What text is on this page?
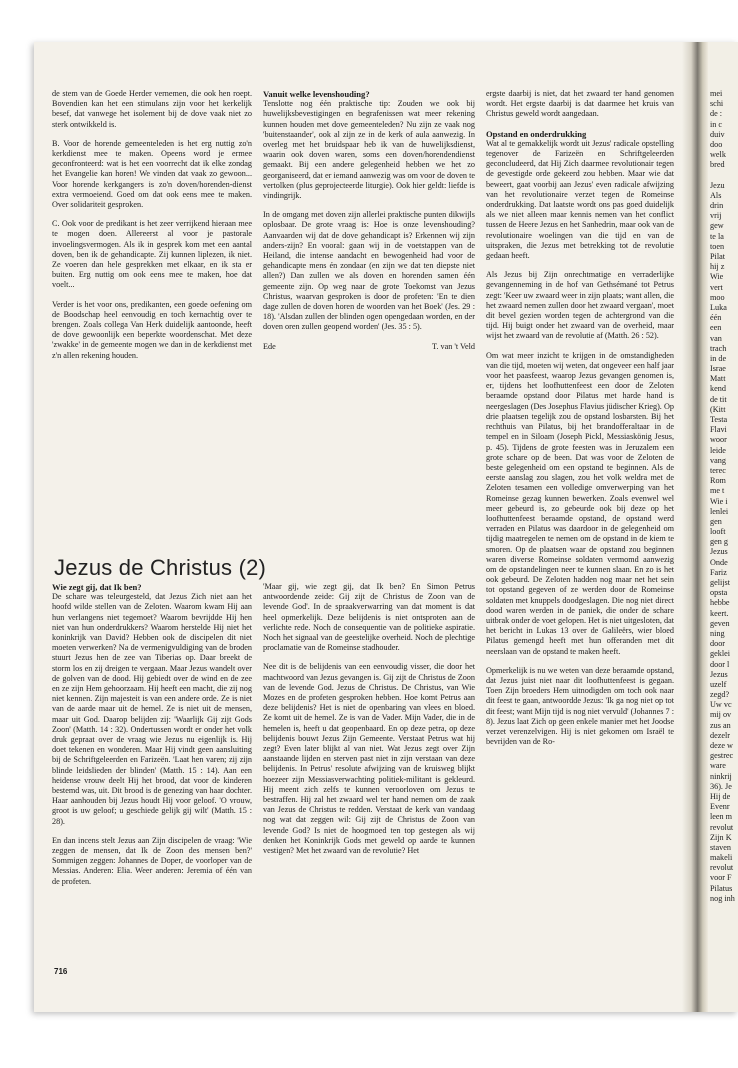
de stem van de Goede Herder vernemen, die ook hen roept. Bovendien kan het een stimulans zijn voor het kerkelijk besef, dat vanwege het isolement bij de dove vaak niet zo sterk ontwikkeld is.

B. Voor de horende gemeenteleden is het erg nuttig zo'n kerkdienst mee te maken. Opeens word je ermee geconfronteerd: wat is het een voorrecht dat ik elke zondag het Evangelie kan horen! We vinden dat vaak zo gewoon... Voor horende kerkgangers is zo'n doven/horenden-dienst extra vermoeiend. Goed om dat ook eens mee te maken. Over solidariteit gesproken.

C. Ook voor de predikant is het zeer verrijkend hieraan mee te mogen doen. Allereerst al voor je pastorale invoelingsvermogen. Als ik in gesprek kom met een aantal doven, ben ik de gehandicapte. Zij kunnen liplezen, ik niet. Ze voeren dan hele gesprekken met elkaar, en ik sta er buiten. Erg nuttig om ook eens mee te maken, hoe dat voelt...

Verder is het voor ons, predikanten, een goede oefening om de Boodschap heel eenvoudig en toch kernachtig over te brengen. Zoals collega Van Herk duidelijk aantoonde, heeft de dove gewoonlijk een beperkte woordenschat. Met deze 'zwakke' in de gemeente mogen we dan in de kerkdienst met z'n allen rekening houden.

Vanuit welke levenshouding?

Tenslotte nog één praktische tip: Zouden we ook bij huwelijksbevestigingen en begrafenissen wat meer rekening kunnen houden met dove gemeenteleden? Nu zijn ze vaak nog 'buitenstaander', ook al zijn ze in de kerk of aula aanwezig. In overleg met het bruidspaar heb ik van de huwelijksdienst, waarin ook doven waren, soms een doven/horendendienst gemaakt. Bij een andere gelegenheid hebben we het zo georganiseerd, dat er iemand aanwezig was om voor de doven te vertolken (plus geprojecteerde liturgie). Ook hier geldt: liefde is vindingrijk.

In de omgang met doven zijn allerlei praktische punten dikwijls oplosbaar. De grote vraag is: Hoe is onze levenshouding? Aanvaarden wij dat de dove gehandicapt is? Erkennen wij zijn anders-zijn? En vooral: gaan wij in de voetstappen van de Heiland, die intense aandacht en bewogenheid had voor de gehandicapte mens én zondaar (en zijn we dat ten diepste niet allen?) Dan zullen we als doven en horenden samen één gemeente zijn. Op weg naar de grote Toekomst van Jezus Christus, waarvan gesproken is door de profeten: 'En te dien dage zullen de doven horen de woorden van het Boek' (Jes. 29 : 18). 'Alsdan zullen der blinden ogen opengedaan worden, en der doven oren zullen geopend worden' (Jes. 35 : 5).

Ede	T. van 't Veld
Jezus de Christus (2)
Wie zegt gij, dat Ik ben?

De schare was teleurgesteld, dat Jezus Zich niet aan het hoofd wilde stellen van de Zeloten. Waarom kwam Hij aan hun verlangens niet tegemoet? Waarom bevrijdde Hij hen niet van hun onderdrukkers? Waarom herstelde Hij niet het koninkrijk van David? Hebben ook de discipelen dit niet moeten verwerken? Na de vermenigvuldiging van de broden stuurt Jezus hen de zee van Tiberias op. Daar breekt de storm los en zij dreigen te vergaan. Maar Jezus wandelt over de golven van de dood. Hij gebiedt over de wind en de zee en ze zijn Hem gehoorzaam. Hij heeft een macht, die zij nog niet kennen. Zijn majesteit is van een andere orde. Ze is niet van de aarde maar uit de hemel. Ze is niet uit de mensen, maar uit God. Daarop belijden zij: 'Waarlijk Gij zijt Gods Zoon' (Matth. 14 : 32). Ondertussen wordt er onder het volk druk gepraat over de vraag wie Jezus nu eigenlijk is. Hij doet tekenen en wonderen. Maar Hij vindt geen aansluiting bij de Schriftgeleerden en Farizeën. 'Laat hen varen; zij zijn blinde leidslieden der blinden' (Matth. 15 : 14). Aan een heidense vrouw deelt Hij het brood, dat voor de kinderen bestemd was, uit. Dit brood is de genezing van haar dochter. Haar aanhouden bij Jezus houdt Hij voor geloof. 'O vrouw, groot is uw geloof; u geschiede gelijk gij wilt' (Matth. 15 : 28).

En dan incens stelt Jezus aan Zijn discipelen de vraag: 'Wie zeggen de mensen, dat Ik de Zoon des mensen ben?' Sommigen zeggen: Johannes de Doper, de voorloper van de Messias. Anderen: Elia. Weer anderen: Jeremia of één van de profeten.

'Maar gij, wie zegt gij, dat Ik ben? En Simon Petrus antwoordende zeide: Gij zijt de Christus de Zoon van de levende God'. In de spraakverwarring van dat moment is dat heel opmerkelijk. Deze belijdenis is niet ontsproten aan de verlichte rede. Noch de consequentie van de politieke aspiratie. Noch het signaal van de geestelijke overheid. Noch de plechtige proclamatie van de Romeinse stadhouder.

Nee dit is de belijdenis van een eenvoudig visser, die door het machtwoord van Jezus gevangen is. Gij zijt de Christus de Zoon van de levende God. Jezus de Christus. De Christus, van Wie Mozes en de profeten gesproken hebben. Hoe komt Petrus aan deze belijdenis? Het is niet de openbaring van vlees en bloed. Ze komt uit de hemel. Ze is van de Vader. Mijn Vader, die in de hemelen is, heeft u dat geopenbaard. En op deze petra, op deze belijdenis bouwt Jezus Zijn Gemeente. Verstaat Petrus wat hij zegt? Even later blijkt al van niet. Wat Jezus zegt over Zijn aanstaande lijden en sterven past niet in zijn verstaan van deze belijdenis. In Petrus' resolute afwijzing van de kruisweg blijkt hoezeer zijn Messiasverwachting politiek-militant is gekleurd. Hij meent zich zelfs te kunnen veroorloven om Jezus te bestraffen. Hij zal het zwaard wel ter hand nemen om de zaak van Jezus de Christus te redden. Verstaat de kerk van vandaag nog wat dat zeggen wil: Gij zijt de Christus de Zoon van levende God? Is niet de hoogmoed ten top gestegen als wij denken het Koninkrijk Gods met geweld op aarde te kunnen vestigen? Met het zwaard van de revolutie? Het

ergste daarbij is niet, dat het zwaard ter hand genomen wordt. Het ergste daarbij is dat daarmee het kruis van Christus geweld wordt aangedaan.

Opstand en onderdrukking

Wat al te gemakkelijk wordt uit Jezus' radicale opstelling tegenover de Farizeën en Schriftgeleerden geconcludeerd, dat Hij Zich daarmee revolutionair tegen de gevestigde orde gekeerd zou hebben. Maar wie dat beweert, gaat voorbij aan Jezus' even radicale afwijzing van het revolutionaire verzet tegen de Romeinse onderdrukking. Dat laatste wordt ons pas goed duidelijk als we niet alleen maar kennis nemen van het conflict tussen de Heere Jezus en het Sanhedrin, maar ook van de revolutionaire woelingen van die tijd en van de uitspraken, die Jezus met betrekking tot de revolutie gedaan heeft.

Als Jezus bij Zijn onrechtmatige en verraderlijke gevangenneming in de hof van Gethsémané tot Petrus zegt: 'Keer uw zwaard weer in zijn plaats; want allen, die het zwaard nemen zullen door het zwaard vergaan', moet dit bevel gezien worden tegen de achtergrond van die tijd. Hij buigt onder het zwaard van de overheid, maar wijst het zwaard van de revolutie af (Matth. 26 : 52).

Om wat meer inzicht te krijgen in de omstandigheden van die tijd, moeten wij weten, dat ongeveer een half jaar voor het paasfeest, waarop Jezus gevangen genomen is, er, tijdens het loofhuttenfeest een door de Zeloten beraamde opstand door Pilatus met harde hand is neergeslagen (Des Josephus Flavius jüdischer Krieg). Op drie plaatsen tegelijk zou de opstand losbarsten. Bij het rechthuis van Pilatus, bij het brandofferaltaar in de tempel en in Siloam (Joseph Pickl, Messiaskönig Jesus, p. 45). Tijdens de grote feesten was in Jeruzalem een grote schare op de been. Dat was voor de Zeloten de beste gelegenheid om een opstand te beginnen. Als de eerste aanslag zou slagen, zou het volk weldra met de Zeloten tesamen een volledige omverwerping van het Romeinse gezag kunnen bewerken. Zoals evenwel wel meer gebeurd is, zo gebeurde ook bij deze op het loofhuttenfeest beraamde opstand, de opstand werd verraden en Pilatus was daardoor in de gelegenheid om tijdig maatregelen te nemen om de opstand in de kiem te smoren. Op de plaatsen waar de opstand zou beginnen waren diverse Romeinse soldaten vermomd aanwezig om de opstandelingen neer te kunnen slaan. En zo is het ook gebeurd. De Zeloten hadden nog maar net het sein tot opstand gegeven of ze werden door de Romeinse soldaten met knuppels doodgeslagen. Die nog niet direct dood waren werden in de paniek, die onder de schare uitbrak onder de voet gelopen. Het is niet uitgesloten, dat het bericht in Lukas 13 over de Galileërs, wier bloed Pilatus gemengd heeft met hun offeranden met dit neerslaan van de opstand te maken heeft.

Opmerkelijk is nu we weten van deze beraamde opstand, dat Jezus juist niet naar dit loofhuttenfeest is gegaan. Toen Zijn broeders Hem uitnodigden om toch ook naar dit feest te gaan, antwoordde Jezus: 'Ik ga nog niet op tot dit feest; want Mijn tijd is nog niet vervuld' (Johannes 7 : 8). Jezus laat Zich op geen enkele manier met het Joodse verzet verenzelvigen. Hij is niet gekomen om Israël te bevrijden van de Ro-

716
mei
schi
de :
in c
duiv
doo
welk
bred
Jezu
Als
drin
vrij
gew
te la
toen
Pilat
hij z
Wie
vert
moo
Luka
één
een
van
trach
in de
Israe
Matt
kend
de tit
(Kitt
Testa
Flavi
woor
leide
vang
terec
Rom
me t
Wie i
lenlei
gen
looft
gen g
Jezus
Onde
Fariz
gelijst
opsta
hebbe
keert.
geven
ning
door
geklei
door l
Jezus
uzelf
zegd?
Uw vc
mij ov
zus an
dezelr
deze w
gestrec
ware
ninkrij
36). Je
Hij de
Evenr
leen m
revolut
Zijn K
staven
makeli
revolut
voor F
Pilatus
nog inh
